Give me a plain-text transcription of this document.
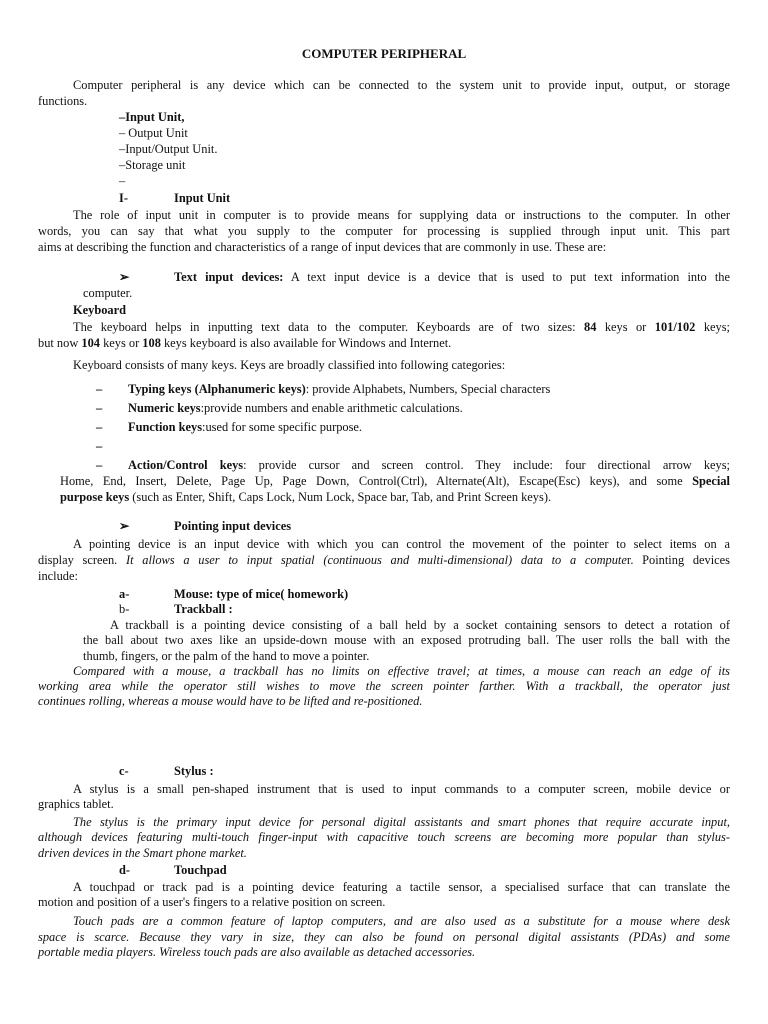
COMPUTER PERIPHERAL
Computer peripheral is any device which can be connected to the system unit to provide input, output, or storage
functions.
–Input Unit,
– Output Unit
–Input/Output Unit.
–Storage unit
–
I-	Input Unit
The role of input unit in computer is to provide means for supplying data or instructions to the computer. In other
words, you can say that what you supply to the computer for processing is supplied through input unit. This part
aims at describing the function and characteristics of a range of input devices that are commonly in use. These are:
➢	Text input devices: A text input device is a device that is used to put text information into the
computer.
Keyboard
The keyboard helps in inputting text data to the computer. Keyboards are of two sizes: 84 keys or 101/102 keys;
but now 104 keys or 108 keys keyboard is also available for Windows and Internet.
Keyboard consists of many keys. Keys are broadly classified into following categories:
– Typing keys (Alphanumeric keys): provide Alphabets, Numbers, Special characters
– Numeric keys:provide numbers and enable arithmetic calculations.
– Function keys:used for some specific purpose.
–
– Action/Control keys: provide cursor and screen control. They include: four directional arrow keys;
Home, End, Insert, Delete, Page Up, Page Down, Control(Ctrl), Alternate(Alt), Escape(Esc) keys), and some Special
purpose keys (such as Enter, Shift, Caps Lock, Num Lock, Space bar, Tab, and Print Screen keys).
➢	Pointing input devices
A pointing device is an input device with which you can control the movement of the pointer to select items on a
display screen. It allows a user to input spatial (continuous and multi-dimensional) data to a computer. Pointing devices
include:
a-	Mouse: type of mice( homework)
b-	Trackball :
A trackball is a pointing device consisting of a ball held by a socket containing sensors to detect a rotation of
the ball about two axes like an upside-down mouse with an exposed protruding ball. The user rolls the ball with the
thumb, fingers, or the palm of the hand to move a pointer.
Compared with a mouse, a trackball has no limits on effective travel; at times, a mouse can reach an edge of its
working area while the operator still wishes to move the screen pointer farther. With a trackball, the operator just
continues rolling, whereas a mouse would have to be lifted and re-positioned.
c-	Stylus :
A stylus is a small pen-shaped instrument that is used to input commands to a computer screen, mobile device or
graphics tablet.
The stylus is the primary input device for personal digital assistants and smart phones that require accurate input,
although devices featuring multi-touch finger-input with capacitive touch screens are becoming more popular than stylus-
driven devices in the Smart phone market.
d-	Touchpad
A touchpad or track pad is a pointing device featuring a tactile sensor, a specialised surface that can translate the
motion and position of a user's fingers to a relative position on screen.
Touch pads are a common feature of laptop computers, and are also used as a substitute for a mouse where desk
space is scarce. Because they vary in size, they can also be found on personal digital assistants (PDAs) and some
portable media players. Wireless touch pads are also available as detached accessories.
